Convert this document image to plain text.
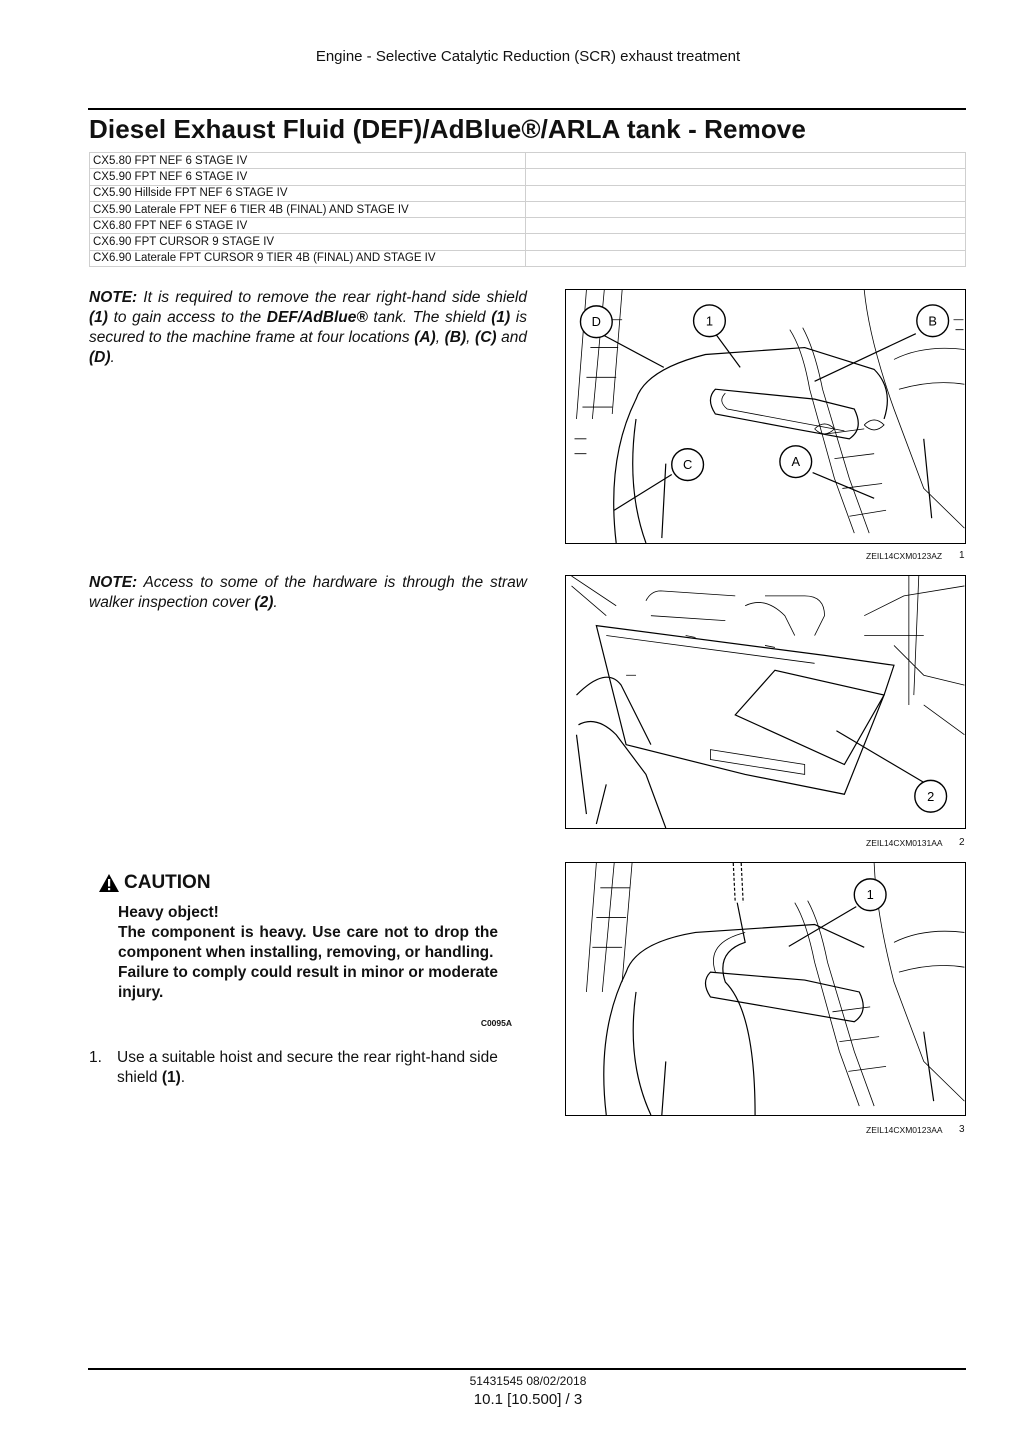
Engine - Selective Catalytic Reduction (SCR) exhaust treatment
Diesel Exhaust Fluid (DEF)/AdBlue®/ARLA tank - Remove
CX5.80 FPT NEF 6 STAGE IV	
CX5.90 FPT NEF 6 STAGE IV	
CX5.90 Hillside FPT NEF 6 STAGE IV	
CX5.90 Laterale FPT NEF 6 TIER 4B (FINAL) AND STAGE IV	
CX6.80 FPT NEF 6 STAGE IV	
CX6.90 FPT CURSOR 9 STAGE IV	
CX6.90 Laterale FPT CURSOR 9 TIER 4B (FINAL) AND STAGE IV	

NOTE: It is required to remove the rear right-hand side shield (1) to gain access to the DEF/AdBlue® tank. The shield (1) is secured to the machine frame at four locations (A), (B), (C) and (D).

NOTE: Access to some of the hardware is through the straw walker inspection cover (2).

D	1	B
C	A
ZEIL14CXM0123AZ 1
2
ZEIL14CXM0131AA 2
1
ZEIL14CXM0123AA 3
CAUTION
Heavy object!
The component is heavy. Use care not to drop the component when installing, removing, or handling.
Failure to comply could result in minor or moderate injury.
C0095A
1. Use a suitable hoist and secure the rear right-hand side shield (1).
51431545 08/02/2018
10.1 [10.500] / 3
